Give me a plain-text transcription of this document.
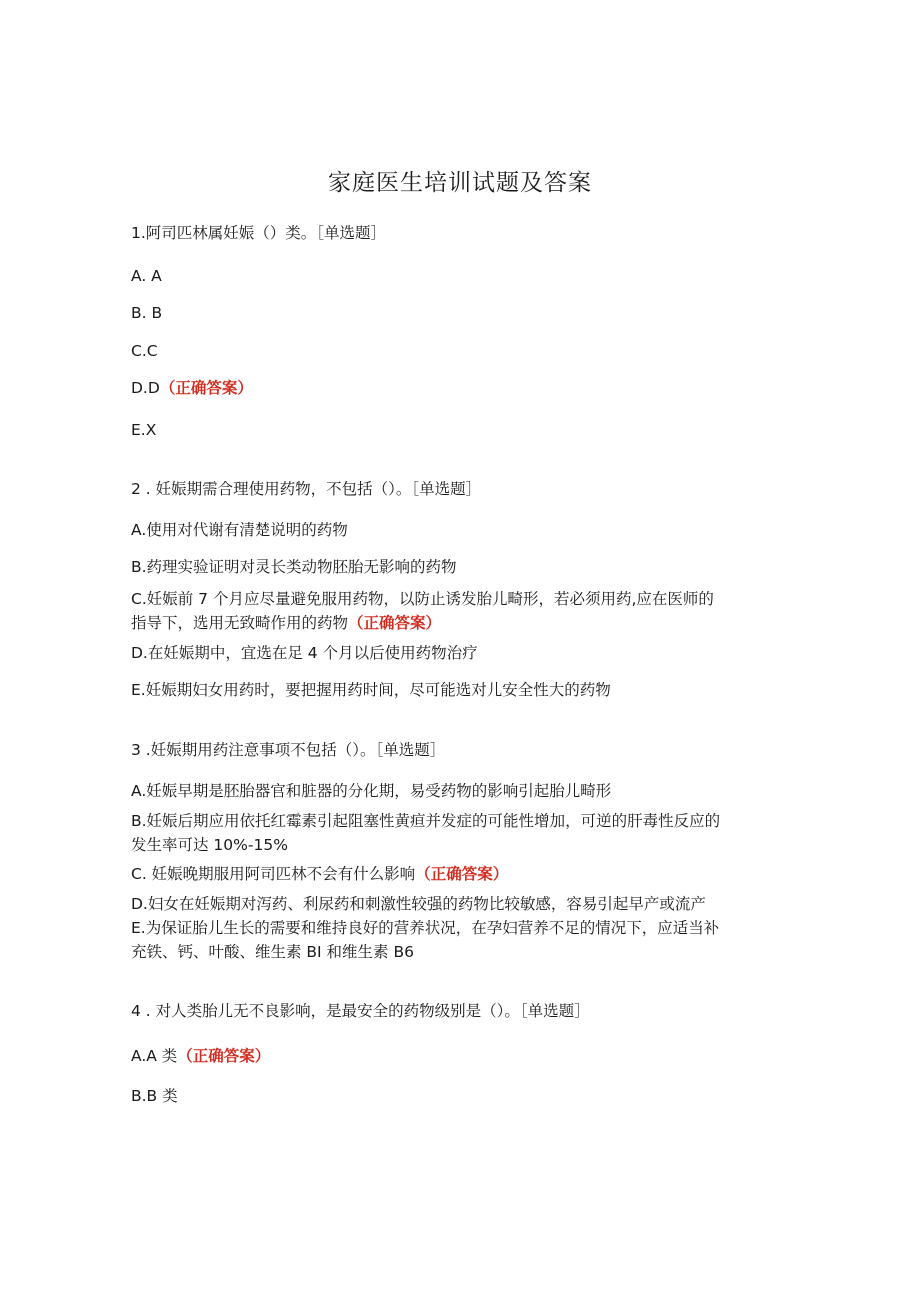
家庭医生培训试题及答案
1.阿司匹林属妊娠（）类。［单选题］
A. A
B. B
C.C
D.D（正确答案）
E.X
2 . 妊娠期需合理使用药物，不包括（）。［单选题］
A.使用对代谢有清楚说明的药物
B.药理实验证明对灵长类动物胚胎无影响的药物
C.妊娠前 7 个月应尽量避免服用药物，以防止诱发胎儿畸形，若必须用药,应在医师的
指导下，选用无致畸作用的药物（正确答案）
D.在妊娠期中，宜选在足 4 个月以后使用药物治疗
E.妊娠期妇女用药时，要把握用药时间，尽可能选对儿安全性大的药物
3 .妊娠期用药注意事项不包括（）。［单选题］
A.妊娠早期是胚胎器官和脏器的分化期，易受药物的影响引起胎儿畸形
B.妊娠后期应用依托红霉素引起阻塞性黄疸并发症的可能性增加，可逆的肝毒性反应的
发生率可达 10%-15%
C. 妊娠晚期服用阿司匹林不会有什么影响（正确答案）
D.妇女在妊娠期对泻药、利尿药和刺激性较强的药物比较敏感，容易引起早产或流产
E.为保证胎儿生长的需要和维持良好的营养状况，在孕妇营养不足的情况下，应适当补
充铁、钙、叶酸、维生素 BI 和维生素 B6
4 . 对人类胎儿无不良影响，是最安全的药物级别是（）。［单选题］
A.A 类（正确答案）
B.B 类
